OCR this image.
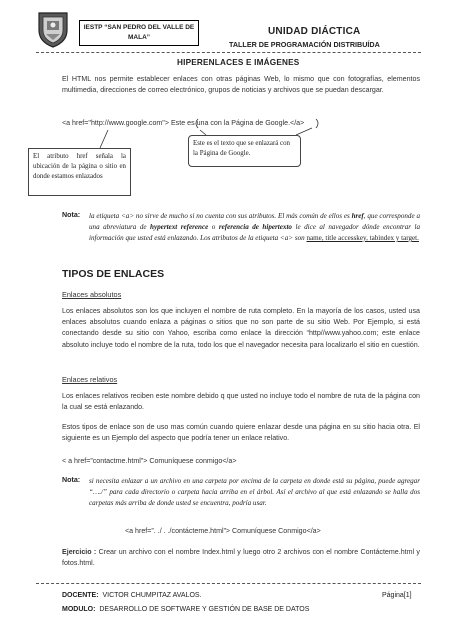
IESTP “SAN PEDRO DEL VALLE DE MALA”
UNIDAD DIÁCTICA
TALLER DE PROGRAMACIÓN DISTRIBUÍDA
HIPERENLACES E IMÁGENES
El HTML nos permite establecer enlaces con otras páginas Web, lo mismo que con fotografías, elementos multimedia, direcciones de correo electrónico, grupos de noticias y archivos que se puedan descargar.
<a href="http://www.google.com"> Este es una con la Página de Google.</a>
El atributo href señala la ubicación de la página o sitio en donde estamos enlazados
Este es el texto que se enlazará con la Página de Google.
Nota: la etiqueta <a> no sirve de mucho si no cuenta con sus atributos. El más común de ellos es href, que corresponde a una abreviatura de hypertext reference o referencia de hipertexto le dice al navegador dónde encontrar la información que usted está enlazando. Los atributos de la etiqueta <a> son name, title accesskey, tabindex y target.
TIPOS DE ENLACES
Enlaces absolutos
Los enlaces absolutos son los que incluyen el nombre de ruta completo. En la mayoría de los casos, usted usa enlaces absolutos cuando enlaza a páginas o sitios que no son parte de su sitio Web. Por Ejemplo, si está conectando desde su sitio con Yahoo, escriba como enlace la dirección “http//www.yahoo.com; este enlace absoluto incluye todo el nombre de la ruta, todo los que el navegador necesita para localizarlo el sitio en cuestión.
Enlaces relativos
Los enlaces relativos reciben este nombre debido q que usted no incluye todo el nombre de ruta de la página con la cual se está enlazando.
Estos tipos de enlace son de uso mas común cuando quiere enlazar desde una página en su sitio hacia otra. El siguiente es un Ejemplo del aspecto que podría tener un enlace relativo.
< a href=”contactme.html”> Comuníquese conmigo</a>
Nota: si necesita enlazar a un archivo en una carpeta por encima de la carpeta en donde está su página, puede agregar “…./” para cada directorio o carpeta hacia arriba en el árbol. Así el archivo al que está enlazando se halla dos carpetas más arriba de donde usted se encuentra, podría usar.
<a href=”. ./ . ./contácteme.html”> Comuníquese Conmigo</a>
Ejercicio : Crear un archivo con el nombre Index.html y luego otro 2 archivos con el nombre Contácteme.html y fotos.html.
DOCENTE: VICTOR CHUMPITAZ AVALOS.	Página[1]
MODULO: DESARROLLO DE SOFTWARE Y GESTIÓN DE BASE DE DATOS
